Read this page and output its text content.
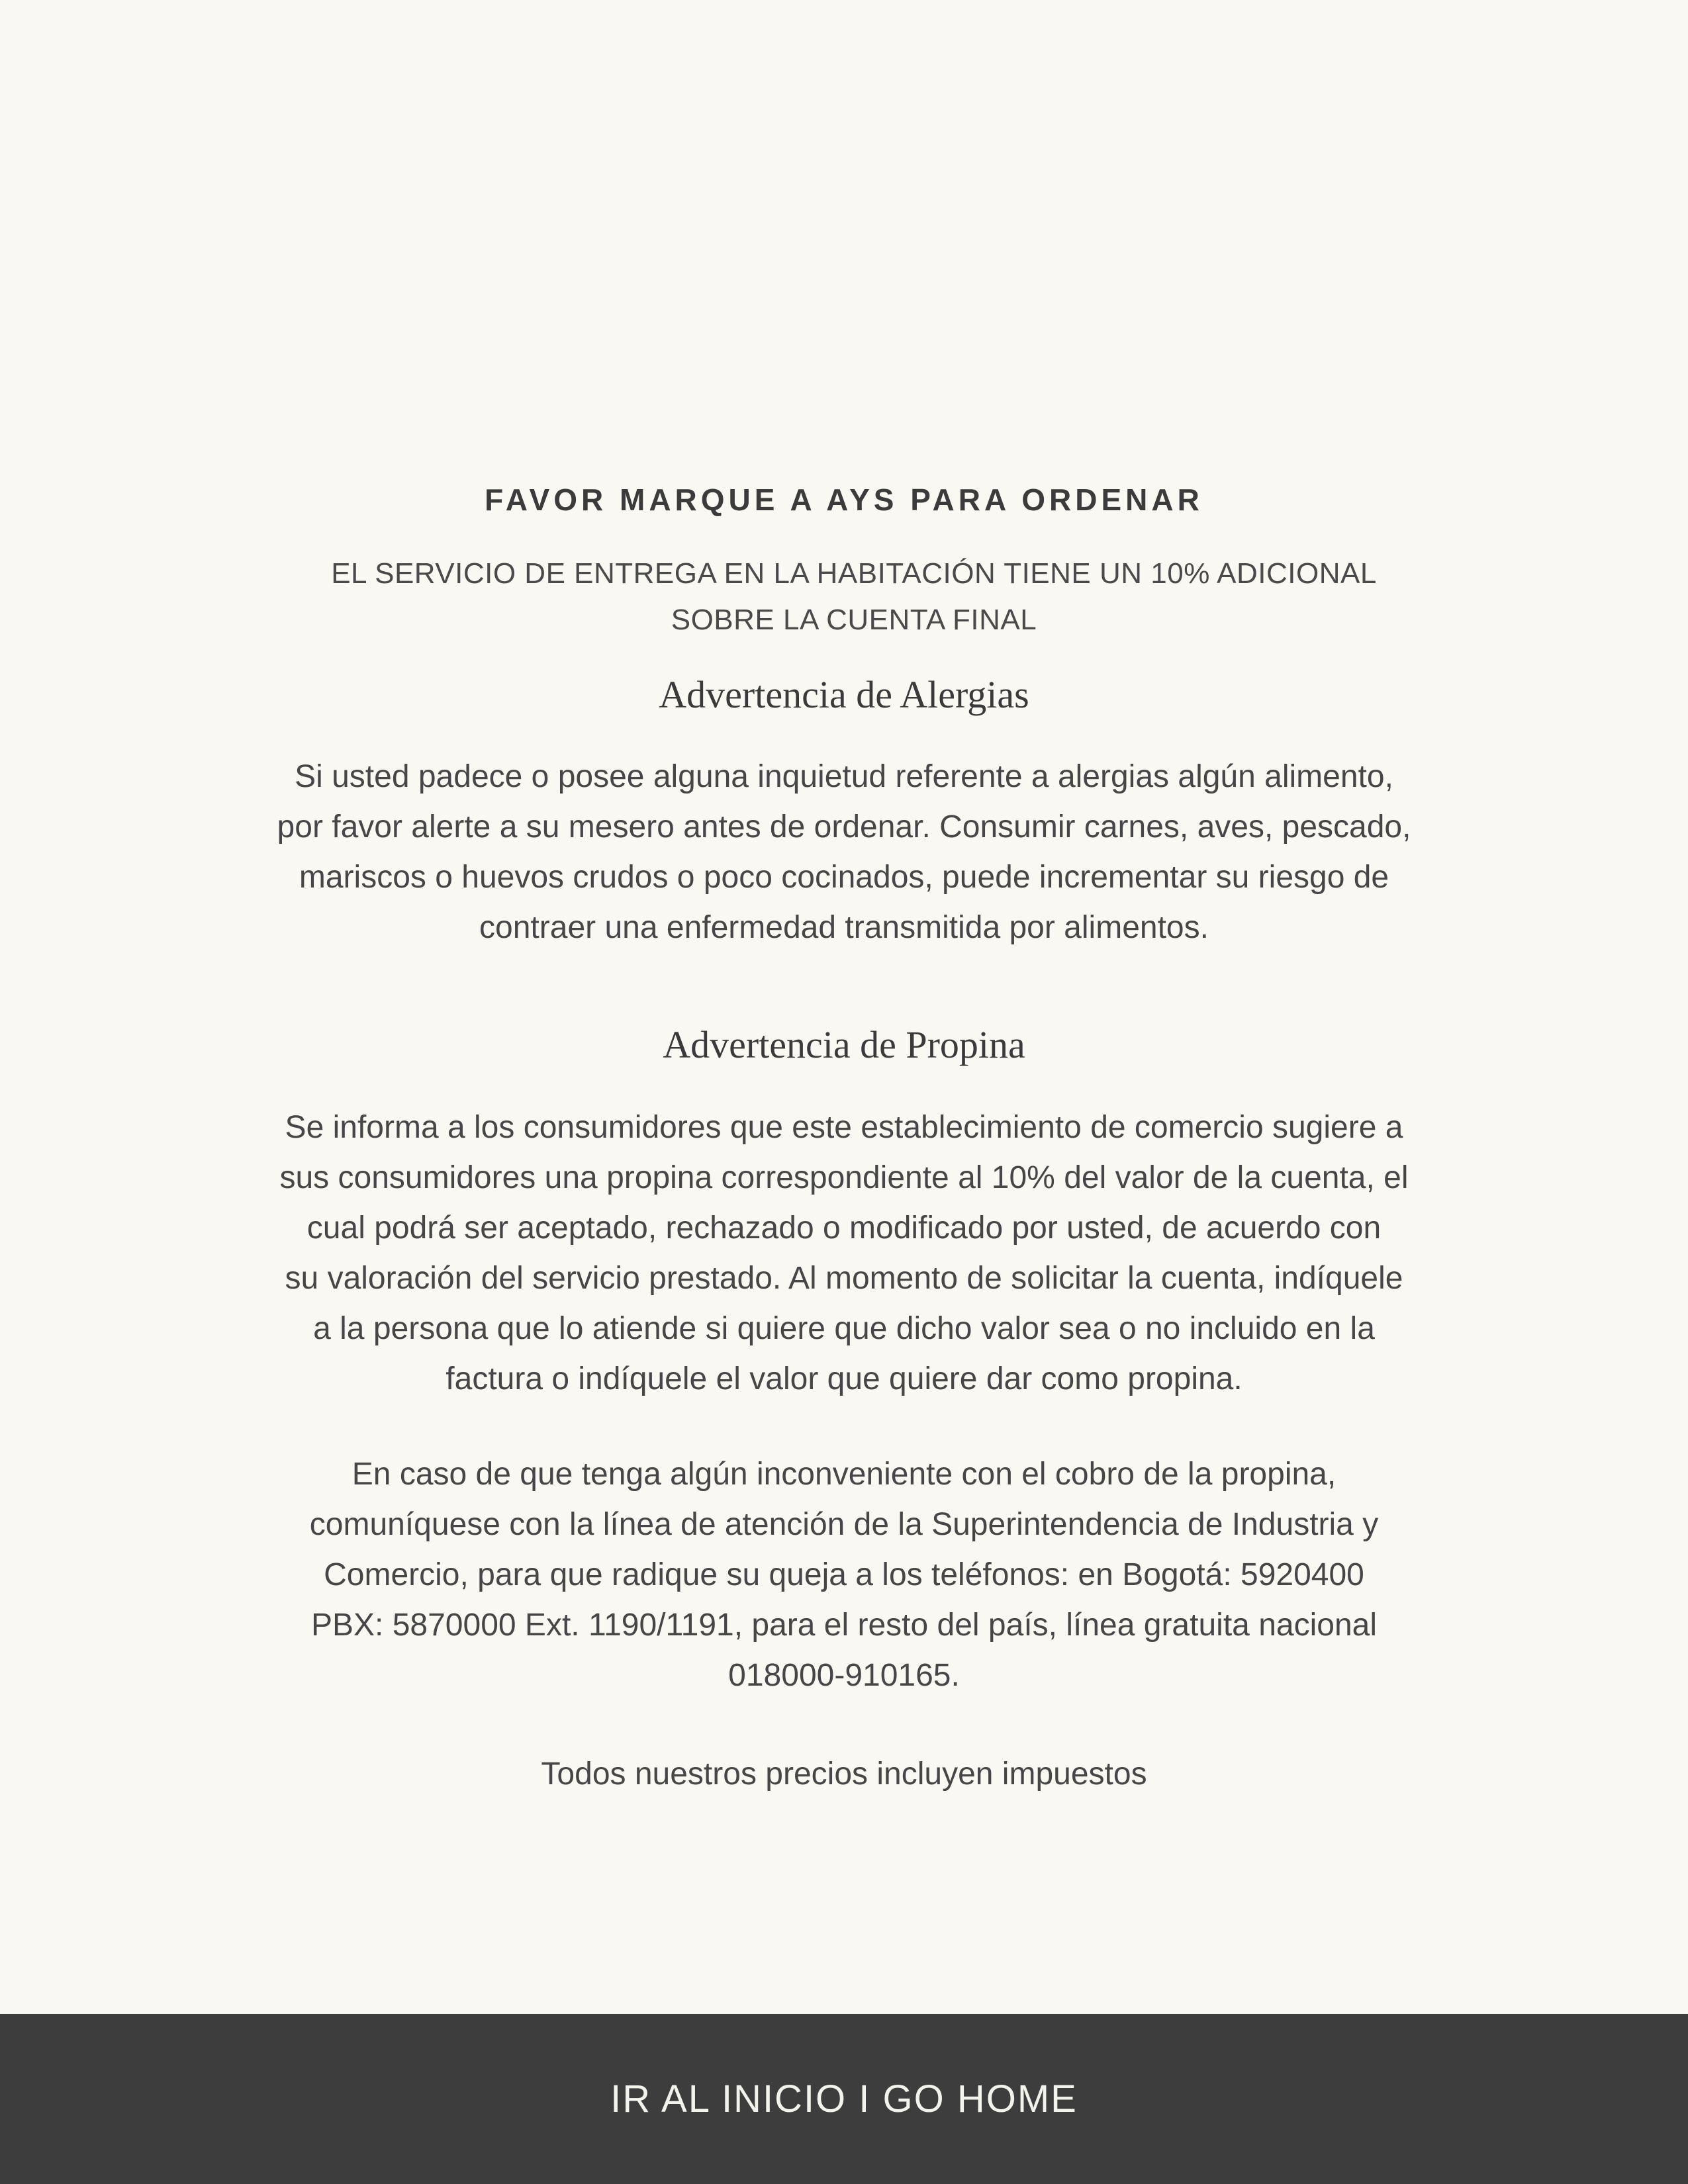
FAVOR MARQUE A AYS PARA ORDENAR
EL SERVICIO DE ENTREGA EN LA HABITACIÓN TIENE UN 10% ADICIONAL
SOBRE LA CUENTA FINAL
Advertencia de Alergias
Si usted padece o posee alguna inquietud referente a alergias algún alimento,
por favor alerte a su mesero antes de ordenar. Consumir carnes, aves, pescado,
mariscos o huevos crudos o poco cocinados, puede incrementar su riesgo de
contraer una enfermedad transmitida por alimentos.
Advertencia de Propina
Se informa a los consumidores que este establecimiento de comercio sugiere a
sus consumidores una propina correspondiente al 10% del valor de la cuenta, el
cual podrá ser aceptado, rechazado o modificado por usted, de acuerdo con
su valoración del servicio prestado. Al momento de solicitar la cuenta, indíquele
a la persona que lo atiende si quiere que dicho valor sea o no incluido en la
factura o indíquele el valor que quiere dar como propina.
En caso de que tenga algún inconveniente con el cobro de la propina,
comuníquese con la línea de atención de la Superintendencia de Industria y
Comercio, para que radique su queja a los teléfonos: en Bogotá: 5920400
PBX: 5870000 Ext. 1190/1191, para el resto del país, línea gratuita nacional
018000-910165.
Todos nuestros precios incluyen impuestos
IR AL INICIO I GO HOME
